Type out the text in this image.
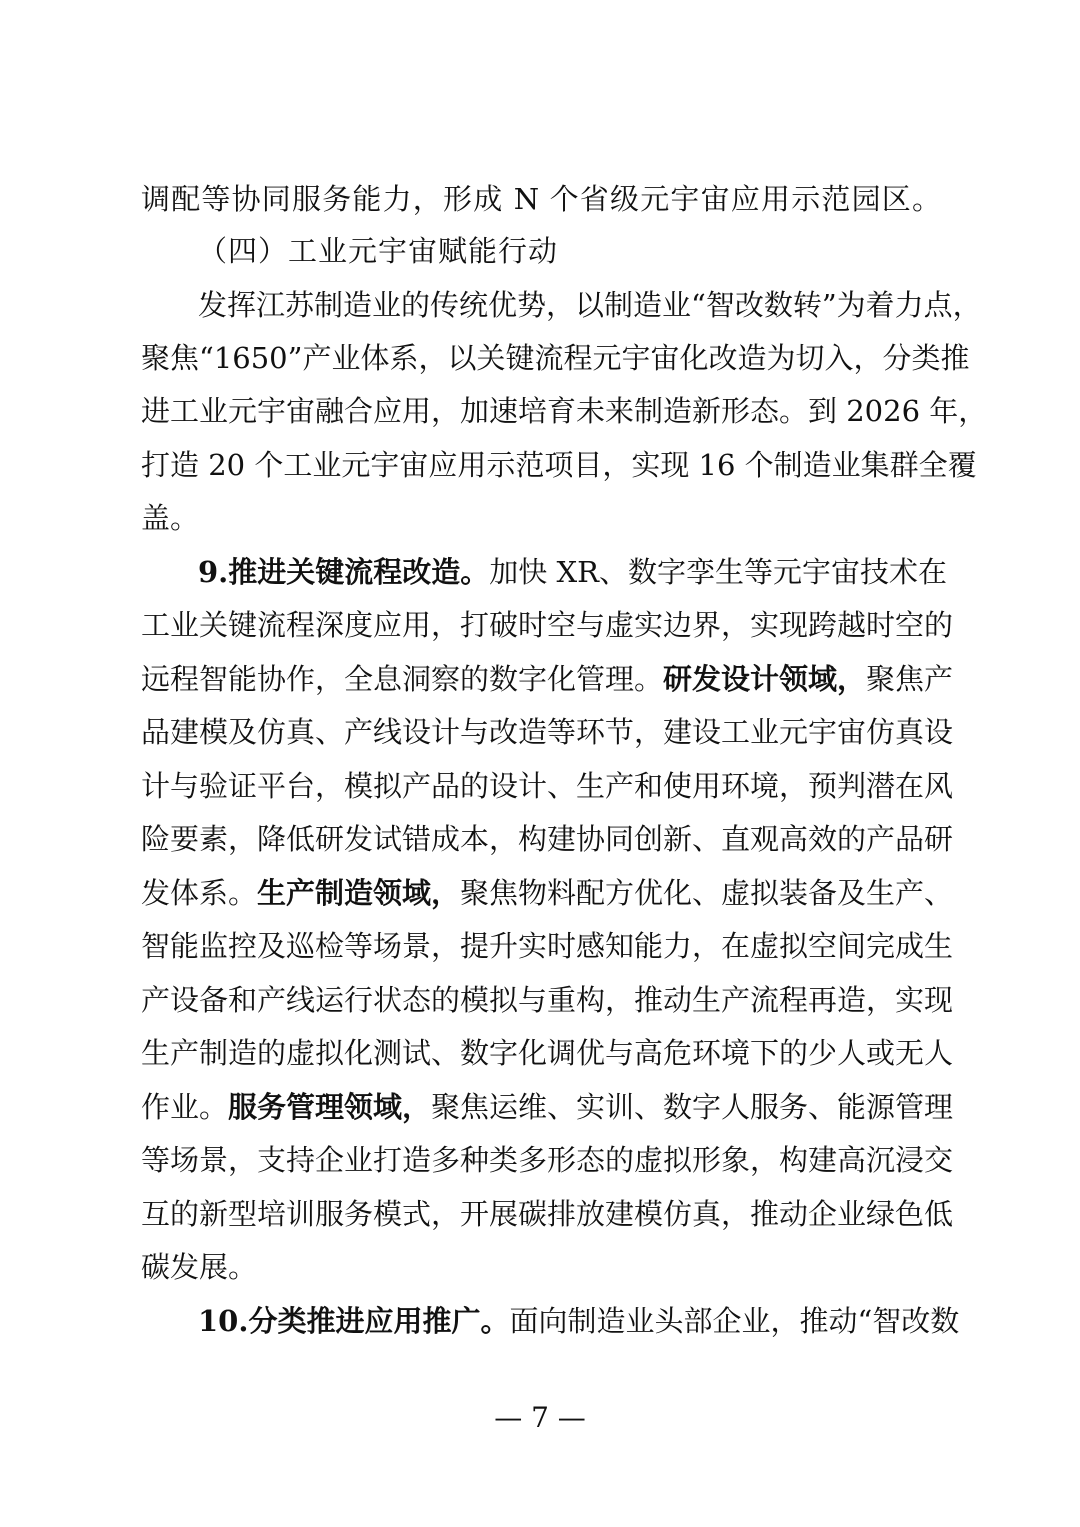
调配等协同服务能力，形成 N 个省级元宇宙应用示范园区。
（四）工业元宇宙赋能行动
发挥江苏制造业的传统优势，以制造业“智改数转”为着力点，
聚焦“1650”产业体系，以关键流程元宇宙化改造为切入，分类推
进工业元宇宙融合应用，加速培育未来制造新形态。到 2026 年，
打造 20 个工业元宇宙应用示范项目，实现 16 个制造业集群全覆
盖。
9.推进关键流程改造。加快 XR、数字孪生等元宇宙技术在
工业关键流程深度应用，打破时空与虚实边界，实现跨越时空的
远程智能协作，全息洞察的数字化管理。研发设计领域，聚焦产
品建模及仿真、产线设计与改造等环节，建设工业元宇宙仿真设
计与验证平台，模拟产品的设计、生产和使用环境，预判潜在风
险要素，降低研发试错成本，构建协同创新、直观高效的产品研
发体系。生产制造领域，聚焦物料配方优化、虚拟装备及生产、
智能监控及巡检等场景，提升实时感知能力，在虚拟空间完成生
产设备和产线运行状态的模拟与重构，推动生产流程再造，实现
生产制造的虚拟化测试、数字化调优与高危环境下的少人或无人
作业。服务管理领域，聚焦运维、实训、数字人服务、能源管理
等场景，支持企业打造多种类多形态的虚拟形象，构建高沉浸交
互的新型培训服务模式，开展碳排放建模仿真，推动企业绿色低
碳发展。
10.分类推进应用推广。面向制造业头部企业，推动“智改数
— 7 —
